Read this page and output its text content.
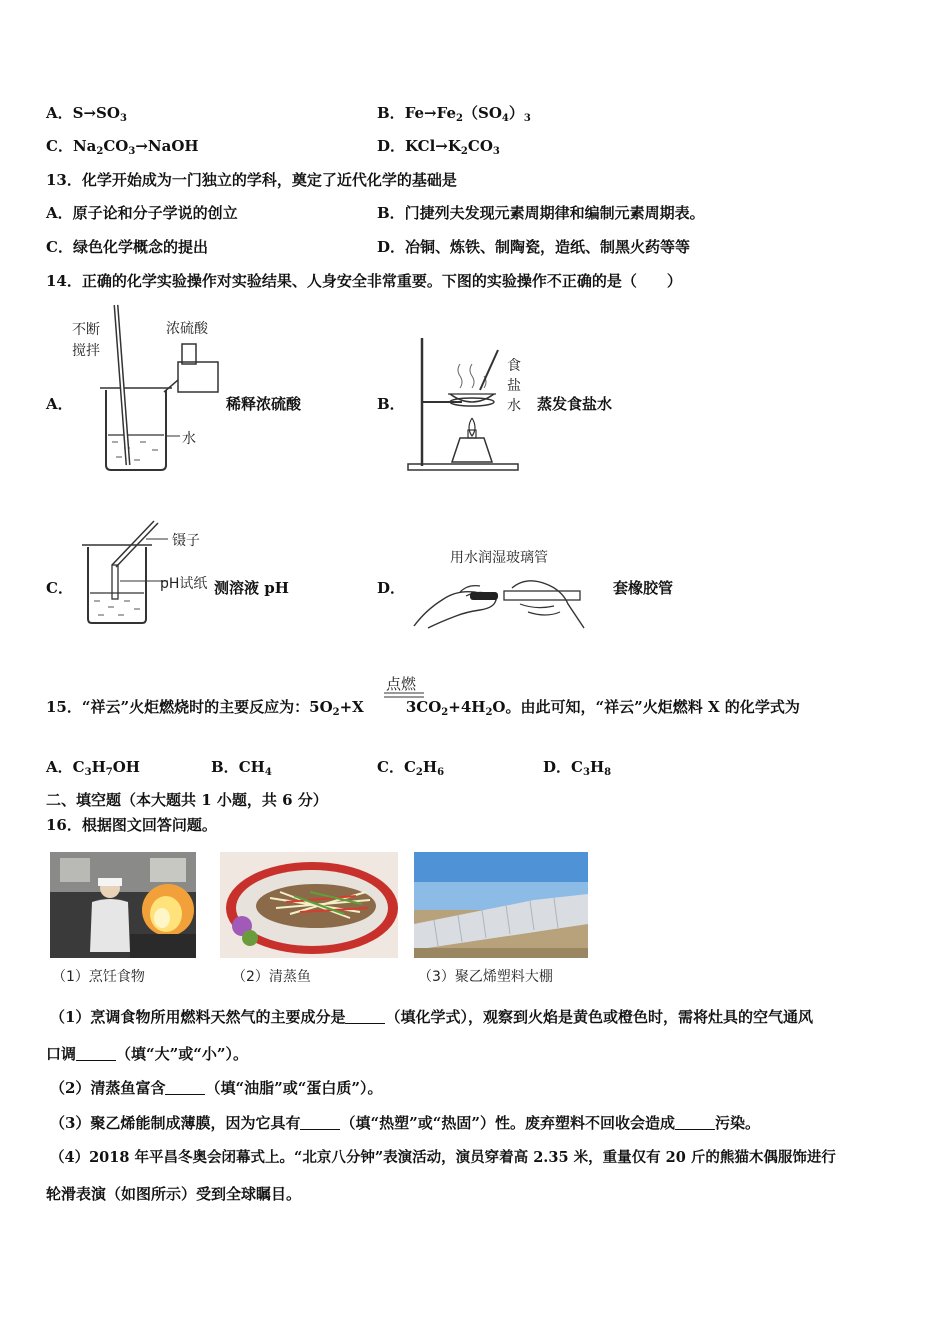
A．$S\to SO_3$	B．$Fe\to Fe_2(SO_4)_3$
C．$Na_2CO_3\to NaOH$	D．$KCl\to K_2CO_3$
13．化学开始成为一门独立的学科，奠定了近代化学的基础是
A．原子论和分子学说的创立	B．门捷列夫发现元素周期律和编制元素周期表。
C．绿色化学概念的提出	D．冶铜、炼铁、制陶瓷，造纸、制黑火药等等
14．正确的化学实验操作对实验结果、人身安全非常重要。下图的实验操作不正确的是（　　）
A．
不断
搅拌
浓硫酸
水
稀释浓硫酸	B．
食
盐
水 蒸发食盐水
C．
镊子
pH试纸 测溶液 pH	D．
用水润湿玻璃管
套橡胶管
15．“祥云”火炬燃烧时的主要反应为：$5O_2+X$	$3CO_2+4H_2O$。由此可知，“祥云”火炬燃料 X 的化学式为
点燃
A．$C_3H_7OH$	B．$CH_4$	C．$C_2H_6$	D．$C_3H_8$
二、填空题（本大题共 1 小题，共 6 分）
16．根据图文回答问题。
（1）烹饪食物	（2）清蒸鱼	（3）聚乙烯塑料大棚
（1）烹调食物所用燃料天然气的主要成分是	（填化学式），观察到火焰是黄色或橙色时，需将灶具的空气通风
口调	（填“大”或“小”）。
（2）清蒸鱼富含	（填“油脂”或“蛋白质”）。
（3）聚乙烯能制成薄膜，因为它具有	（填“热塑”或“热固”）性。废弃塑料不回收会造成	污染。
（4）2018 年平昌冬奥会闭幕式上。“北京八分钟”表演活动，演员穿着高 2.35 米，重量仅有 20 斤的熊猫木偶服饰进行
轮滑表演（如图所示）受到全球瞩目。
